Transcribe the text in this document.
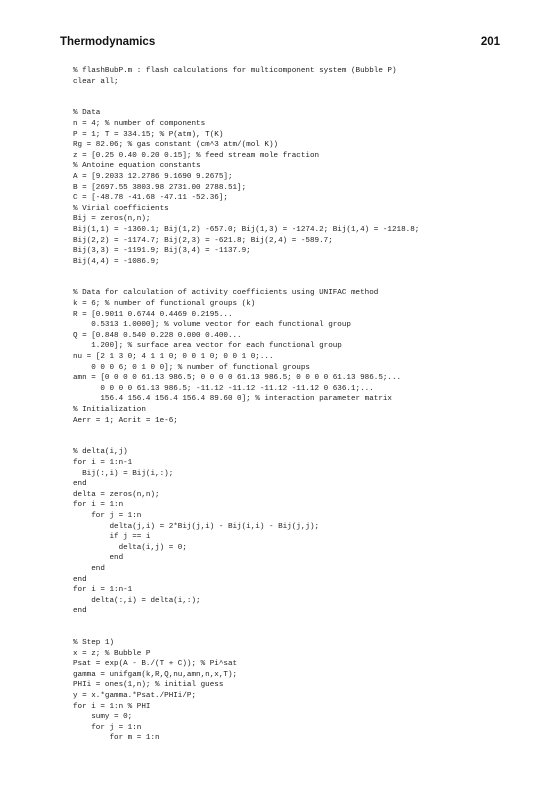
Thermodynamics	201
% flashBubP.m : flash calculations for multicomponent system (Bubble P)
clear all;
% Data
n = 4; % number of components
P = 1; T = 334.15; % P(atm), T(K)
Rg = 82.06; % gas constant (cm^3 atm/(mol K))
z = [0.25 0.40 0.20 0.15]; % feed stream mole fraction
% Antoine equation constants
A = [9.2033 12.2786 9.1690 9.2675];
B = [2697.55 3803.98 2731.00 2788.51];
C = [-48.78 -41.68 -47.11 -52.36];
% Virial coefficients
Bij = zeros(n,n);
Bij(1,1) = -1360.1; Bij(1,2) -657.0; Bij(1,3) = -1274.2; Bij(1,4) = -1218.8;
Bij(2,2) = -1174.7; Bij(2,3) = -621.8; Bij(2,4) = -589.7;
Bij(3,3) = -1191.9; Bij(3,4) = -1137.9;
Bij(4,4) = -1086.9;
% Data for calculation of activity coefficients using UNIFAC method
k = 6; % number of functional groups (k)
R = [0.9011 0.6744 0.4469 0.2195...
0.5313 1.0000]; % volume vector for each functional group
Q = [0.848 0.540 0.228 0.000 0.400...
1.200]; % surface area vector for each functional group
nu = [2 1 3 0; 4 1 1 0; 0 0 1 0; 0 0 1 0;...
0 0 0 6; 0 1 0 0]; % number of functional groups
amn = [0 0 0 0 61.13 986.5; 0 0 0 0 61.13 986.5; 0 0 0 0 61.13 986.5;...
0 0 0 0 61.13 986.5; -11.12 -11.12 -11.12 -11.12 0 636.1;...
156.4 156.4 156.4 156.4 89.60 0]; % interaction parameter matrix
% Initialization
Aerr = 1; Acrit = 1e-6;
% delta(i,j)
for i = 1:n-1
Bij(:,i) = Bij(i,:);
end
delta = zeros(n,n);
for i = 1:n
for j = 1:n
delta(j,i) = 2*Bij(j,i) - Bij(i,i) - Bij(j,j);
if j == i
delta(i,j) = 0;
end
end
end
for i = 1:n-1
delta(:,i) = delta(i,:);
end
% Step 1)
x = z; % Bubble P
Psat = exp(A - B./(T + C)); % Pi^sat
gamma = unifgam(k,R,Q,nu,amn,n,x,T);
PHIi = ones(1,n); % initial guess
y = x.*gamma.*Psat./PHIi/P;
for i = 1:n % PHI
sumy = 0;
for j = 1:n
for m = 1:n
